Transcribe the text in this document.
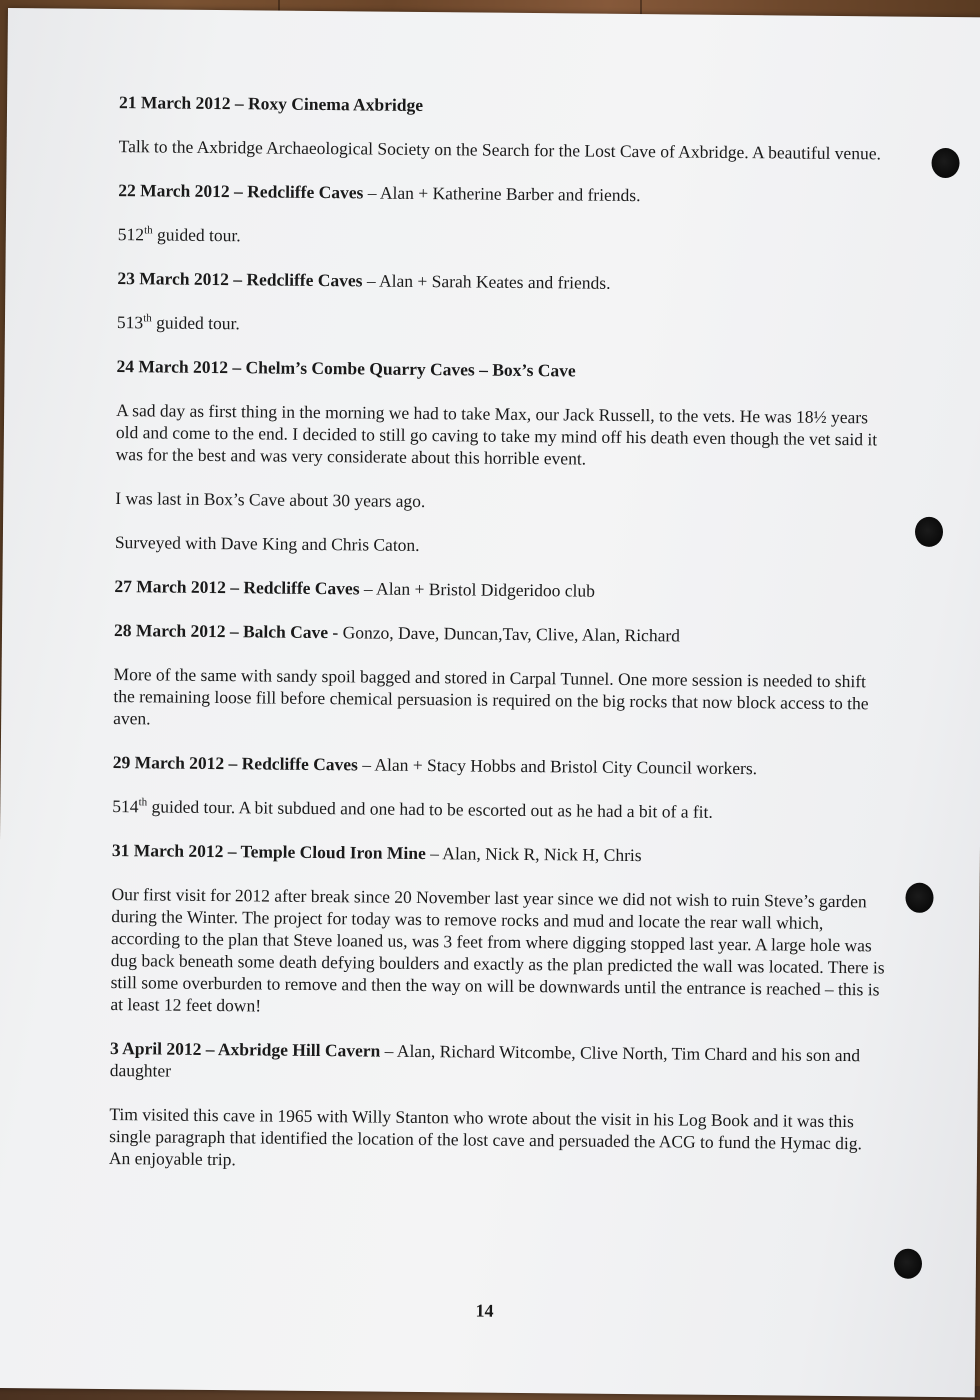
21 March 2012 – Roxy Cinema Axbridge

Talk to the Axbridge Archaeological Society on the Search for the Lost Cave of Axbridge. A beautiful venue.

22 March 2012 – Redcliffe Caves – Alan + Katherine Barber and friends.

512th guided tour.

23 March 2012 – Redcliffe Caves – Alan + Sarah Keates and friends.

513th guided tour.

24 March 2012 – Chelm’s Combe Quarry Caves – Box’s Cave

A sad day as first thing in the morning we had to take Max, our Jack Russell, to the vets. He was 18½ years old and come to the end. I decided to still go caving to take my mind off his death even though the vet said it was for the best and was very considerate about this horrible event.

I was last in Box’s Cave about 30 years ago.

Surveyed with Dave King and Chris Caton.

27 March 2012 – Redcliffe Caves – Alan + Bristol Didgeridoo club
28 March 2012 – Balch Cave - Gonzo, Dave, Duncan,Tav, Clive, Alan, Richard

More of the same with sandy spoil bagged and stored in Carpal Tunnel. One more session is needed to shift the remaining loose fill before chemical persuasion is required on the big rocks that now block access to the aven.

29 March 2012 – Redcliffe Caves – Alan + Stacy Hobbs and Bristol City Council workers.

514th guided tour. A bit subdued and one had to be escorted out as he had a bit of a fit.

31 March 2012 – Temple Cloud Iron Mine – Alan, Nick R, Nick H, Chris

Our first visit for 2012 after break since 20 November last year since we did not wish to ruin Steve’s garden during the Winter. The project for today was to remove rocks and mud and locate the rear wall which, according to the plan that Steve loaned us, was 3 feet from where digging stopped last year. A large hole was dug back beneath some death defying boulders and exactly as the plan predicted the wall was located. There is still some overburden to remove and then the way on will be downwards until the entrance is reached – this is at least 12 feet down!

3 April 2012 – Axbridge Hill Cavern – Alan, Richard Witcombe, Clive North, Tim Chard and his son and daughter

Tim visited this cave in 1965 with Willy Stanton who wrote about the visit in his Log Book and it was this single paragraph that identified the location of the lost cave and persuaded the ACG to fund the Hymac dig. An enjoyable trip.

14
